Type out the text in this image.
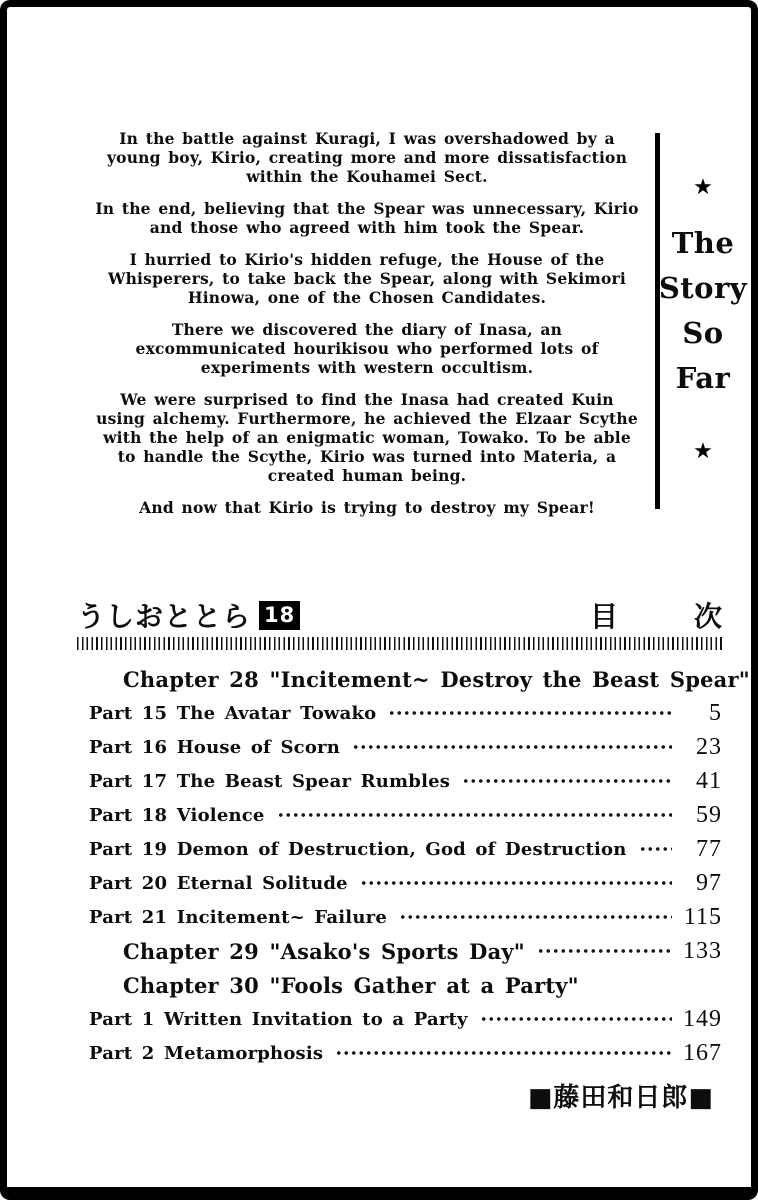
In the battle against Kuragi, I was overshadowed by a young boy, Kirio, creating more and more dissatisfaction within the Kouhamei Sect.

In the end, believing that the Spear was unnecessary, Kirio and those who agreed with him took the Spear.

I hurried to Kirio's hidden refuge, the House of the Whisperers, to take back the Spear, along with Sekimori Hinowa, one of the Chosen Candidates.

There we discovered the diary of Inasa, an excommunicated hourikisou who performed lots of experiments with western occultism.

We were surprised to find the Inasa had created Kuin using alchemy. Furthermore, he achieved the Elzaar Scythe with the help of an enigmatic woman, Towako. To be able to handle the Scythe, Kirio was turned into Materia, a created human being.

And now that Kirio is trying to destroy my Spear!

★
The
Story
So
Far
★
うしおととら 18	目	次
Chapter 28 "Incitement~ Destroy the Beast Spear"
Part 15 The Avatar Towako	5
Part 16 House of Scorn	23
Part 17 The Beast Spear Rumbles	41
Part 18 Violence	59
Part 19 Demon of Destruction, God of Destruction	77
Part 20 Eternal Solitude	97
Part 21 Incitement~ Failure	115
Chapter 29 "Asako's Sports Day"	133
Chapter 30 "Fools Gather at a Party"
Part 1 Written Invitation to a Party	149
Part 2 Metamorphosis	167
■藤田和日郎■
